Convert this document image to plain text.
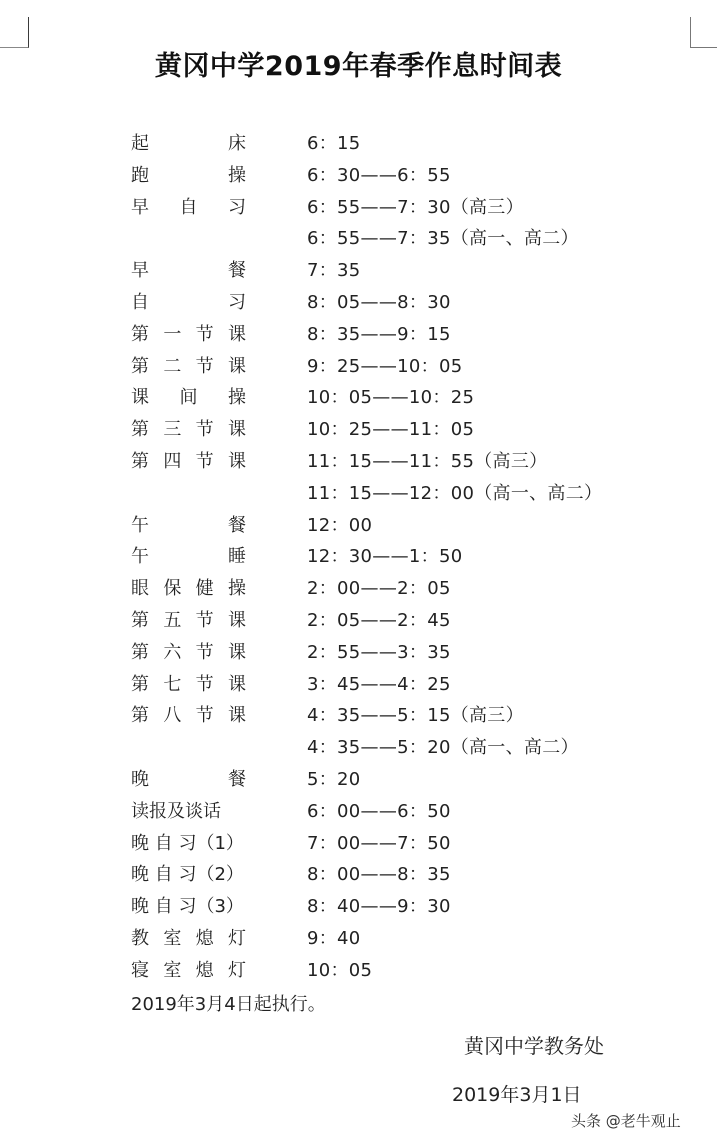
黄冈中学2019年春季作息时间表
起　　床	6：15
跑　　操	6：30——6：55
早 自 习	6：55——7：30（高三）
6：55——7：35（高一、高二）
早　　餐	7：35
自　　习	8：05——8：30
第一节课	8：35——9：15
第二节课	9：25——10：05
课 间 操	10：05——10：25
第三节课	10：25——11：05
第四节课	11：15——11：55（高三）
11：15——12：00（高一、高二）
午　　餐	12：00
午　　睡	12：30——1：50
眼保健操	2：00——2：05
第五节课	2：05——2：45
第六节课	2：55——3：35
第七节课	3：45——4：25
第八节课	4：35——5：15（高三）
4：35——5：20（高一、高二）
晚　　餐	5：20
读报及谈话	6：00——6：50
晚 自 习（1）	7：00——7：50
晚 自 习（2）	8：00——8：35
晚 自 习（3）	8：40——9：30
教室熄灯	9：40
寝室熄灯	10：05
2019年3月4日起执行。
黄冈中学教务处
2019年3月1日
头条 @老牛观止
